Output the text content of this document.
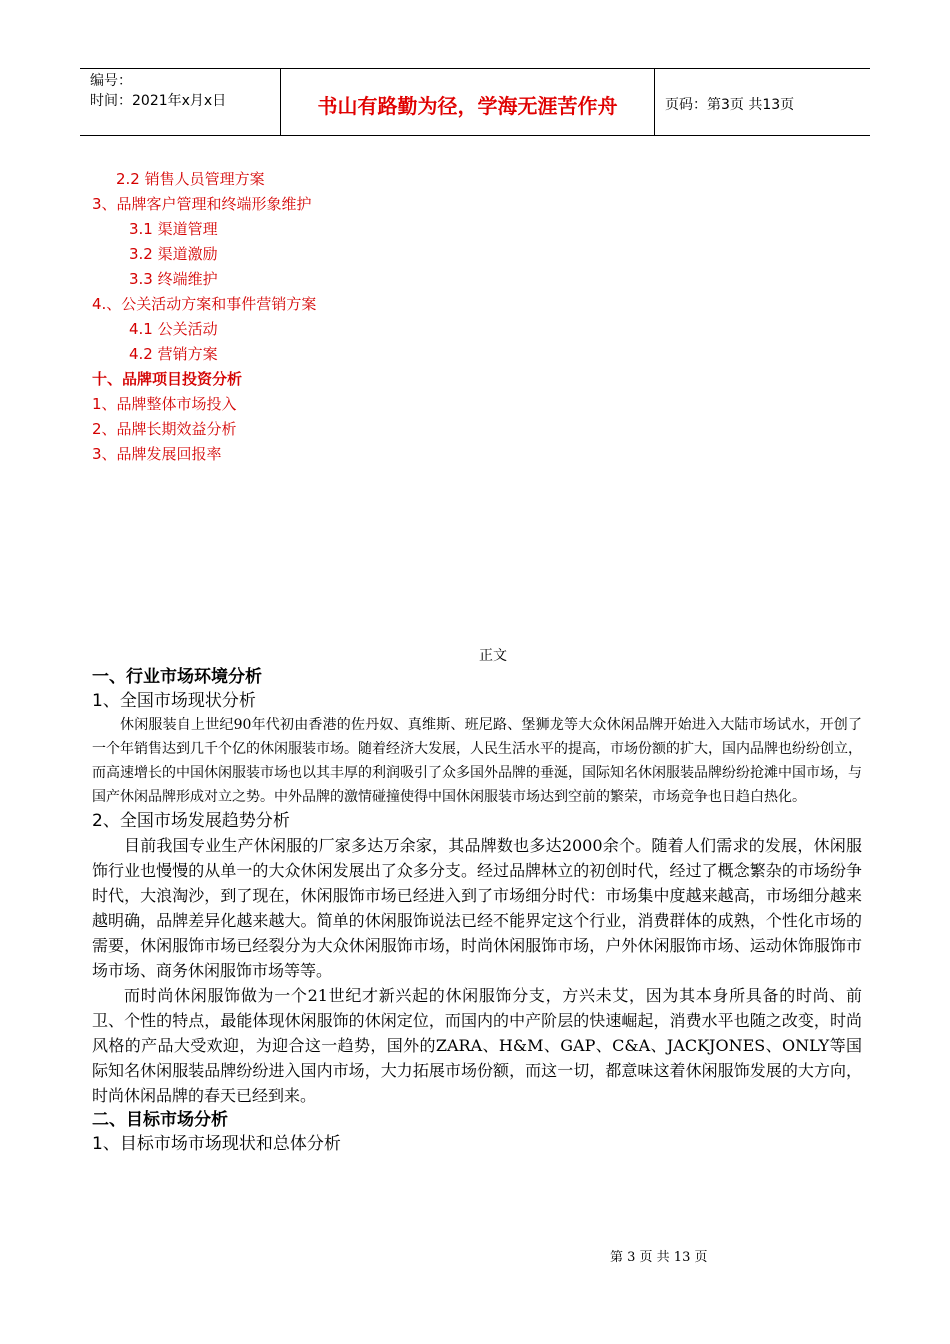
编号：
时间：2021年x月x日	书山有路勤为径，学海无涯苦作舟	页码：第3页 共13页
2.2 销售人员管理方案
3、品牌客户管理和终端形象维护
3.1 渠道管理
3.2 渠道激励
3.3 终端维护
4.、公关活动方案和事件营销方案
4.1 公关活动
4.2 营销方案
十、品牌项目投资分析
1、品牌整体市场投入
2、品牌长期效益分析
3、品牌发展回报率
正文

一、行业市场环境分析

1、全国市场现状分析

休闲服装自上世纪90年代初由香港的佐丹奴、真维斯、班尼路、堡狮龙等大众休闲品牌开始进入大陆市场试水，开创了一个年销售达到几千个亿的休闲服装市场。随着经济大发展，人民生活水平的提高，市场份额的扩大，国内品牌也纷纷创立，而高速增长的中国休闲服装市场也以其丰厚的利润吸引了众多国外品牌的垂涎，国际知名休闲服装品牌纷纷抢滩中国市场，与国产休闲品牌形成对立之势。中外品牌的激情碰撞使得中国休闲服装市场达到空前的繁荣，市场竞争也日趋白热化。

2、全国市场发展趋势分析

目前我国专业生产休闲服的厂家多达万余家，其品牌数也多达2000余个。随着人们需求的发展，休闲服饰行业也慢慢的从单一的大众休闲发展出了众多分支。经过品牌林立的初创时代，经过了概念繁杂的市场纷争时代，大浪淘沙，到了现在，休闲服饰市场已经进入到了市场细分时代：市场集中度越来越高，市场细分越来越明确，品牌差异化越来越大。简单的休闲服饰说法已经不能界定这个行业，消费群体的成熟，个性化市场的需要，休闲服饰市场已经裂分为大众休闲服饰市场，时尚休闲服饰市场，户外休闲服饰市场、运动休饰服饰市场市场、商务休闲服饰市场等等。

而时尚休闲服饰做为一个21世纪才新兴起的休闲服饰分支，方兴未艾，因为其本身所具备的时尚、前卫、个性的特点，最能体现休闲服饰的休闲定位，而国内的中产阶层的快速崛起，消费水平也随之改变，时尚风格的产品大受欢迎，为迎合这一趋势，国外的ZARA、H&M、GAP、C&A、JACKJONES、ONLY等国际知名休闲服装品牌纷纷进入国内市场，大力拓展市场份额，而这一切，都意味这着休闲服饰发展的大方向，时尚休闲品牌的春天已经到来。

二、目标市场分析

1、目标市场市场现状和总体分析

第 3 页 共 13 页
